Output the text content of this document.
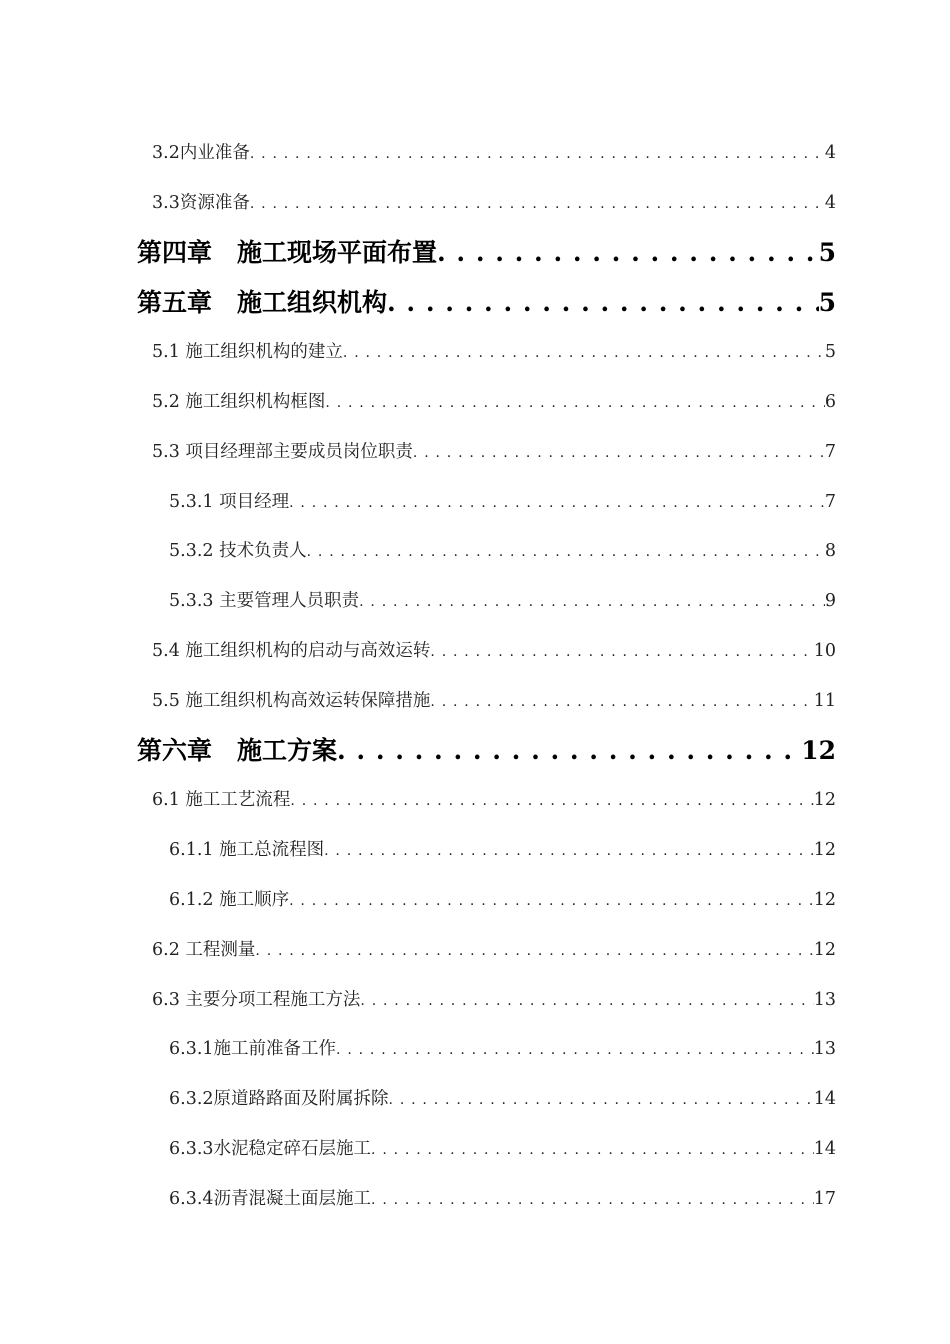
3.2内业准备 . . .	4
3.3资源准备 . . .	4
第四章　施工现场平面布置 . . .	5
第五章　施工组织机构 . . .	5
5.1 施工组织机构的建立 . . .	5
5.2 施工组织机构框图 . . .	6
5.3 项目经理部主要成员岗位职责 . . .	7
5.3.1 项目经理 . . .	7
5.3.2 技术负责人 . . .	8
5.3.3 主要管理人员职责 . . .	9
5.4 施工组织机构的启动与高效运转 . . .	10
5.5 施工组织机构高效运转保障措施 . . .	11
第六章　施工方案 . . .	12
6.1 施工工艺流程 . . .	12
6.1.1 施工总流程图 . . .	12
6.1.2 施工顺序 . . .	12
6.2 工程测量 . . .	12
6.3 主要分项工程施工方法 . . .	13
6.3.1施工前准备工作 . . .	13
6.3.2原道路路面及附属拆除 . . .	14
6.3.3水泥稳定碎石层施工 . . .	14
6.3.4沥青混凝土面层施工 . . .	17
